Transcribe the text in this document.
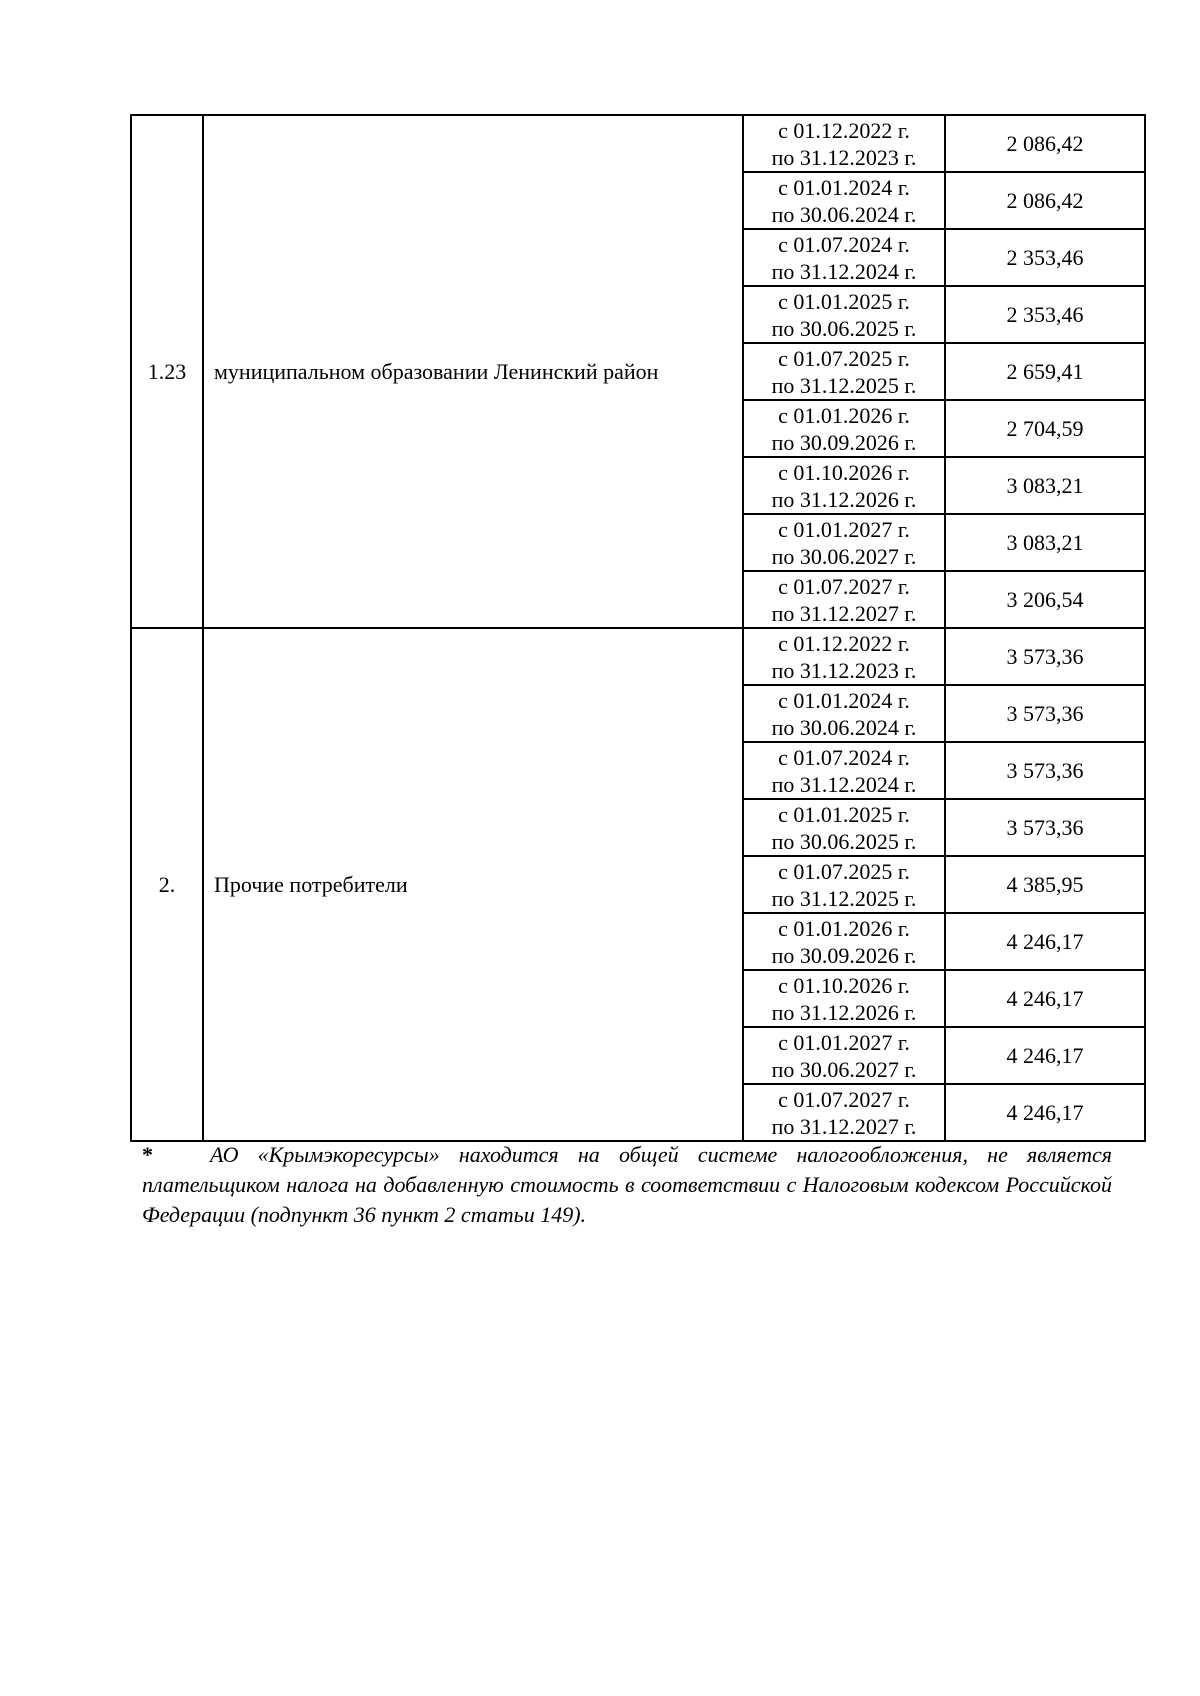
1.23	муниципальном образовании Ленинский район	с 01.12.2022 г.
по 31.12.2023 г.	2 086,42

		с 01.01.2024 г.
по 30.06.2024 г.	2 086,42

		с 01.07.2024 г.
по 31.12.2024 г.	2 353,46

		с 01.01.2025 г.
по 30.06.2025 г.	2 353,46

		с 01.07.2025 г.
по 31.12.2025 г.	2 659,41

		с 01.01.2026 г.
по 30.09.2026 г.	2 704,59

		с 01.10.2026 г.
по 31.12.2026 г.	3 083,21

		с 01.01.2027 г.
по 30.06.2027 г.	3 083,21

		с 01.07.2027 г.
по 31.12.2027 г.	3 206,54
2.	Прочие потребители	с 01.12.2022 г.
по 31.12.2023 г.	3 573,36

		с 01.01.2024 г.
по 30.06.2024 г.	3 573,36

		с 01.07.2024 г.
по 31.12.2024 г.	3 573,36

		с 01.01.2025 г.
по 30.06.2025 г.	3 573,36

		с 01.07.2025 г.
по 31.12.2025 г.	4 385,95

		с 01.01.2026 г.
по 30.09.2026 г.	4 246,17

		с 01.10.2026 г.
по 31.12.2026 г.	4 246,17

		с 01.01.2027 г.
по 30.06.2027 г.	4 246,17

		с 01.07.2027 г.
по 31.12.2027 г.	4 246,17
*	АО «Крымэкоресурсы» находится на общей системе налогообложения, не является плательщиком налога на добавленную стоимость в соответствии с Налоговым кодексом Российской Федерации (подпункт 36 пункт 2 статьи 149).
